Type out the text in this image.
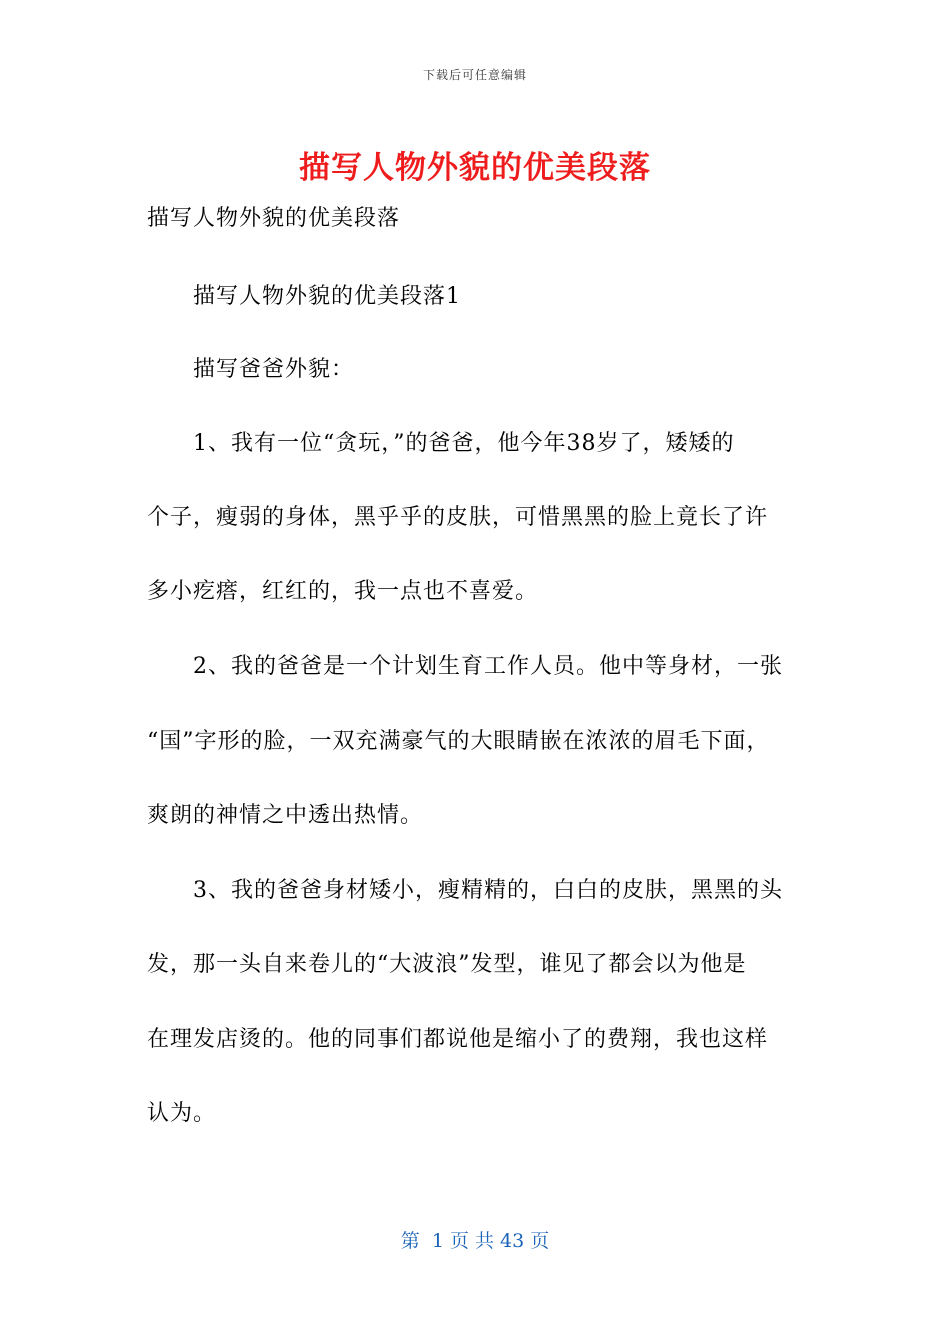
下载后可任意编辑
描写人物外貌的优美段落
描写人物外貌的优美段落
描写人物外貌的优美段落1
描写爸爸外貌：
1、我有一位“贪玩，”的爸爸，他今年38岁了，矮矮的
个子，瘦弱的身体，黑乎乎的皮肤，可惜黑黑的脸上竟长了许
多小疙瘩，红红的，我一点也不喜爱。
2、我的爸爸是一个计划生育工作人员。他中等身材，一张
“国”字形的脸，一双充满豪气的大眼睛嵌在浓浓的眉毛下面，
爽朗的神情之中透出热情。
3、我的爸爸身材矮小，瘦精精的，白白的皮肤，黑黑的头
发，那一头自来卷儿的“大波浪”发型，谁见了都会以为他是
在理发店烫的。他的同事们都说他是缩小了的费翔，我也这样
认为。
第  1 页 共 43 页
